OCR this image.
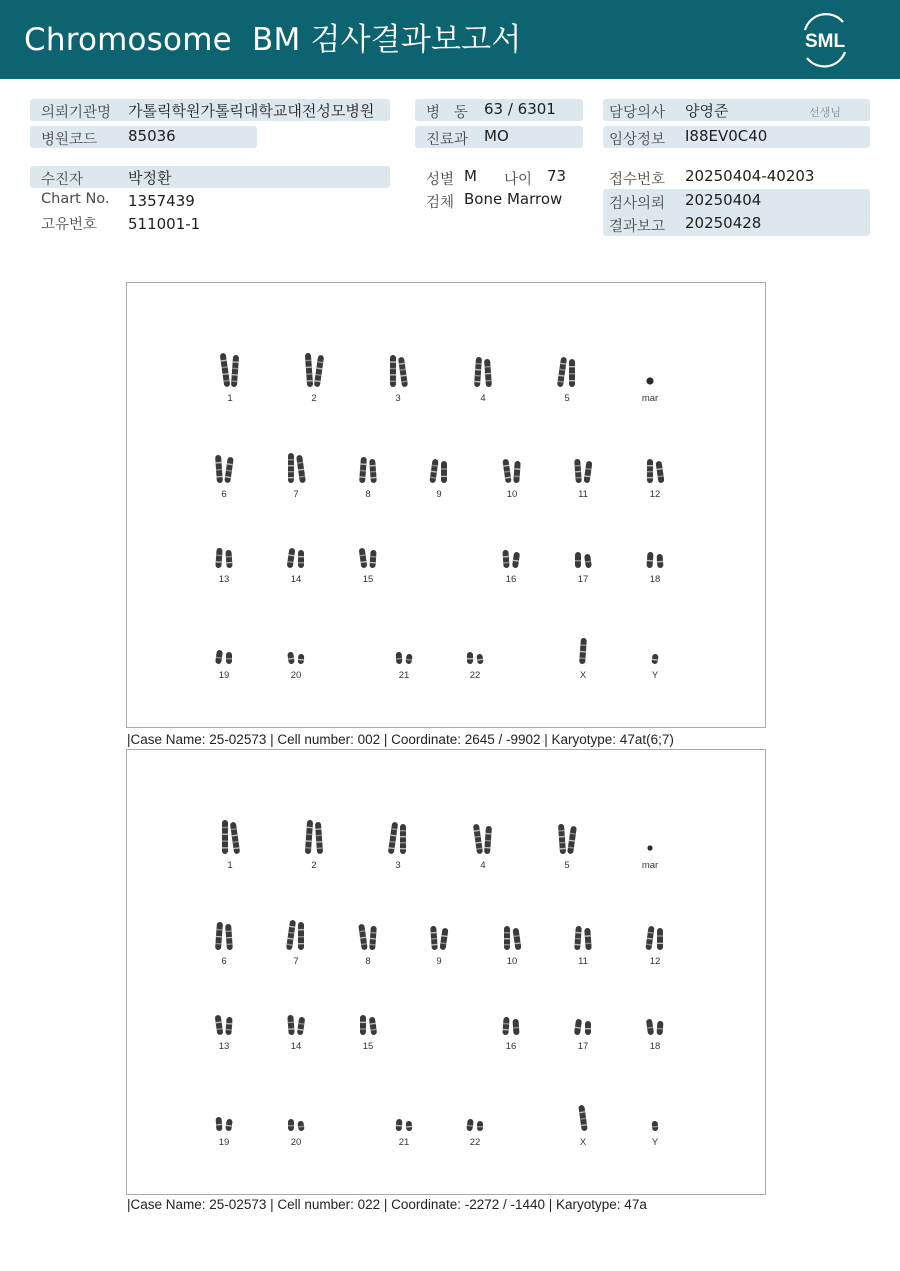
Chromosome  BM 검사결과보고서	SML
의뢰기관명 가톨릭학원가톨릭대학교대전성모병원
병원코드 85036
수진자	박정환
Chart No. 1357439
고유번호 511001-1
병   동 63 / 6301
진료과 MO
성별 M 나이 73
검체 Bone Marrow
담당의사 양영준	선생님
임상정보 I88EV0C40
접수번호 20250404-40203
검사의뢰 20250404
결과보고 20250428
1	2	3	4	5	mar
6	7	8	9	10	11	12
13	14	15	16	17	18
19	20	21	22	X	Y
|Case Name: 25-02573 | Cell number: 002 | Coordinate: 2645 / -9902 | Karyotype: 47at(6;7)
1	2	3	4	5	mar
6	7	8	9	10	11	12
13	14	15	16	17	18
19	20	21	22	X	Y
|Case Name: 25-02573 | Cell number: 022 | Coordinate: -2272 / -1440 | Karyotype: 47a
